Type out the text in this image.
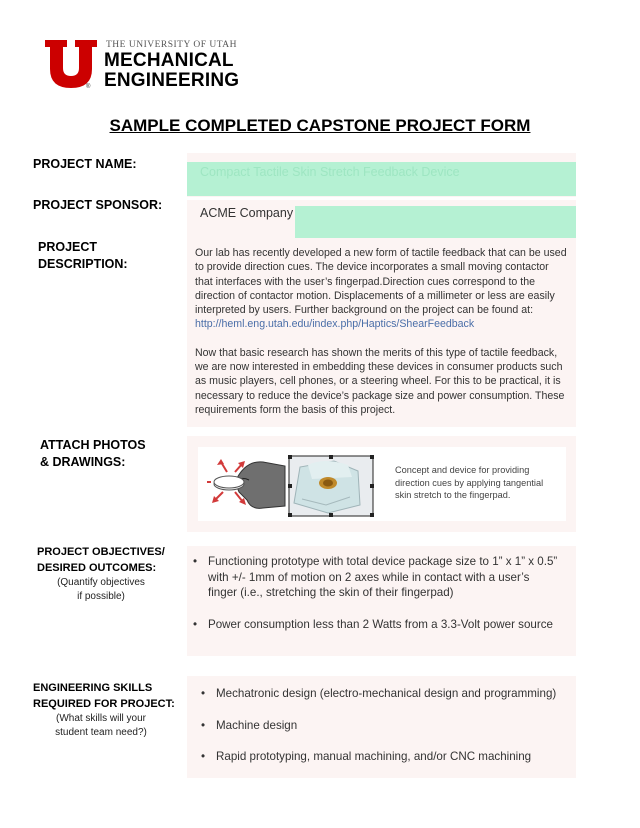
THE UNIVERSITY OF UTAH
MECHANICAL
ENGINEERING
®
SAMPLE COMPLETED CAPSTONE PROJECT FORM
PROJECT NAME:
Compact Tactile Skin Stretch Feedback Device
PROJECT SPONSOR:
ACME Company
PROJECT
DESCRIPTION:

Our lab has recently developed a new form of tactile feedback that can be used to provide direction cues. The device incorporates a small moving contactor that interfaces with the user’s fingerpad.Direction cues correspond to the direction of contactor motion. Displacements of a millimeter or less are easily interpreted by users. Further background on the project can be found at: http://heml.eng.utah.edu/index.php/Haptics/ShearFeedback

Now that basic research has shown the merits of this type of tactile feedback, we are now interested in embedding these devices in consumer products such as music players, cell phones, or a steering wheel. For this to be practical, it is necessary to reduce the device’s package size and power consumption. These requirements form the basis of this project.

ATTACH PHOTOS
& DRAWINGS:
Concept and device for providing direction cues by applying tangential skin stretch to the fingerpad.
PROJECT OBJECTIVES/
DESIRED OUTCOMES:
(Quantify objectives
if possible)
• Functioning prototype with total device package size to 1” x 1” x 0.5” with +/- 1mm of motion on 2 axes while in contact with a user’s finger (i.e., stretching the skin of their fingerpad)
• Power consumption less than 2 Watts from a 3.3-Volt power source
ENGINEERING SKILLS
REQUIRED FOR PROJECT:
(What skills will your
student team need?)
• Mechatronic design (electro-mechanical design and programming)
• Machine design
• Rapid prototyping, manual machining, and/or CNC machining
